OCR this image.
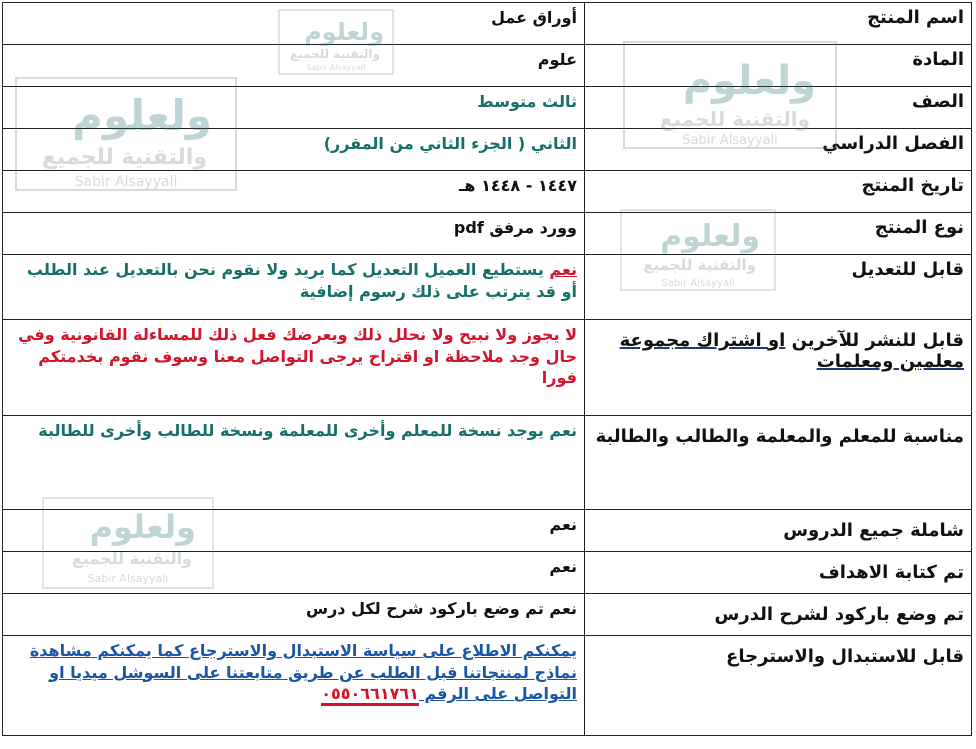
اسم المنتج	أوراق عمل
المادة	علوم
الصف	ثالث متوسط
الفصل الدراسي	الثاني ( الجزء الثاني من المقرر)
تاريخ المنتج	١٤٤٧ - ١٤٤٨ هـ
نوع المنتج	وورد مرفق pdf
قابل للتعديل	نعم يستطيع العميل التعديل كما يريد ولا نقوم نحن بالتعديل عند الطلب أو قد يترتب على ذلك رسوم إضافية
قابل للنشر للآخرين او اشتراك مجموعة معلمين ومعلمات	لا يجوز ولا نبيح ولا نحلل ذلك ويعرضك فعل ذلك للمساءلة القانونية وفي حال وجد ملاحظة او اقتراح يرجى التواصل معنا وسوف نقوم بخدمتكم فورا
مناسبة للمعلم والمعلمة والطالب والطالبة	نعم يوجد نسخة للمعلم وأخرى للمعلمة ونسخة للطالب وأخرى للطالبة
شاملة جميع الدروس	نعم
تم كتابة الاهداف	نعم
تم وضع باركود لشرح الدرس	نعم تم وضع باركود شرح لكل درس
قابل للاستبدال والاسترجاع	يمكنكم الاطلاع على سياسة الاستبدال والاسترجاع كما يمكنكم مشاهدة نماذج لمنتجاتنا قبل الطلب عن طريق متابعتنا على السوشل ميديا او التواصل على الرقم ٠٥٥٠٦٦١٧٦١
ولعلوم
والتقنية للجميع
Sabir Alsayyali
ولعلوم
والتقنية للجميع
Sabir Alsayyali	ولعلوم
والتقنية للجميع
Sabir Alsayyali
ولعلوم
والتقنية للجميع
Sabir Alsayyali
ولعلوم
والتقنية للجميع
Sabir Alsayyali
